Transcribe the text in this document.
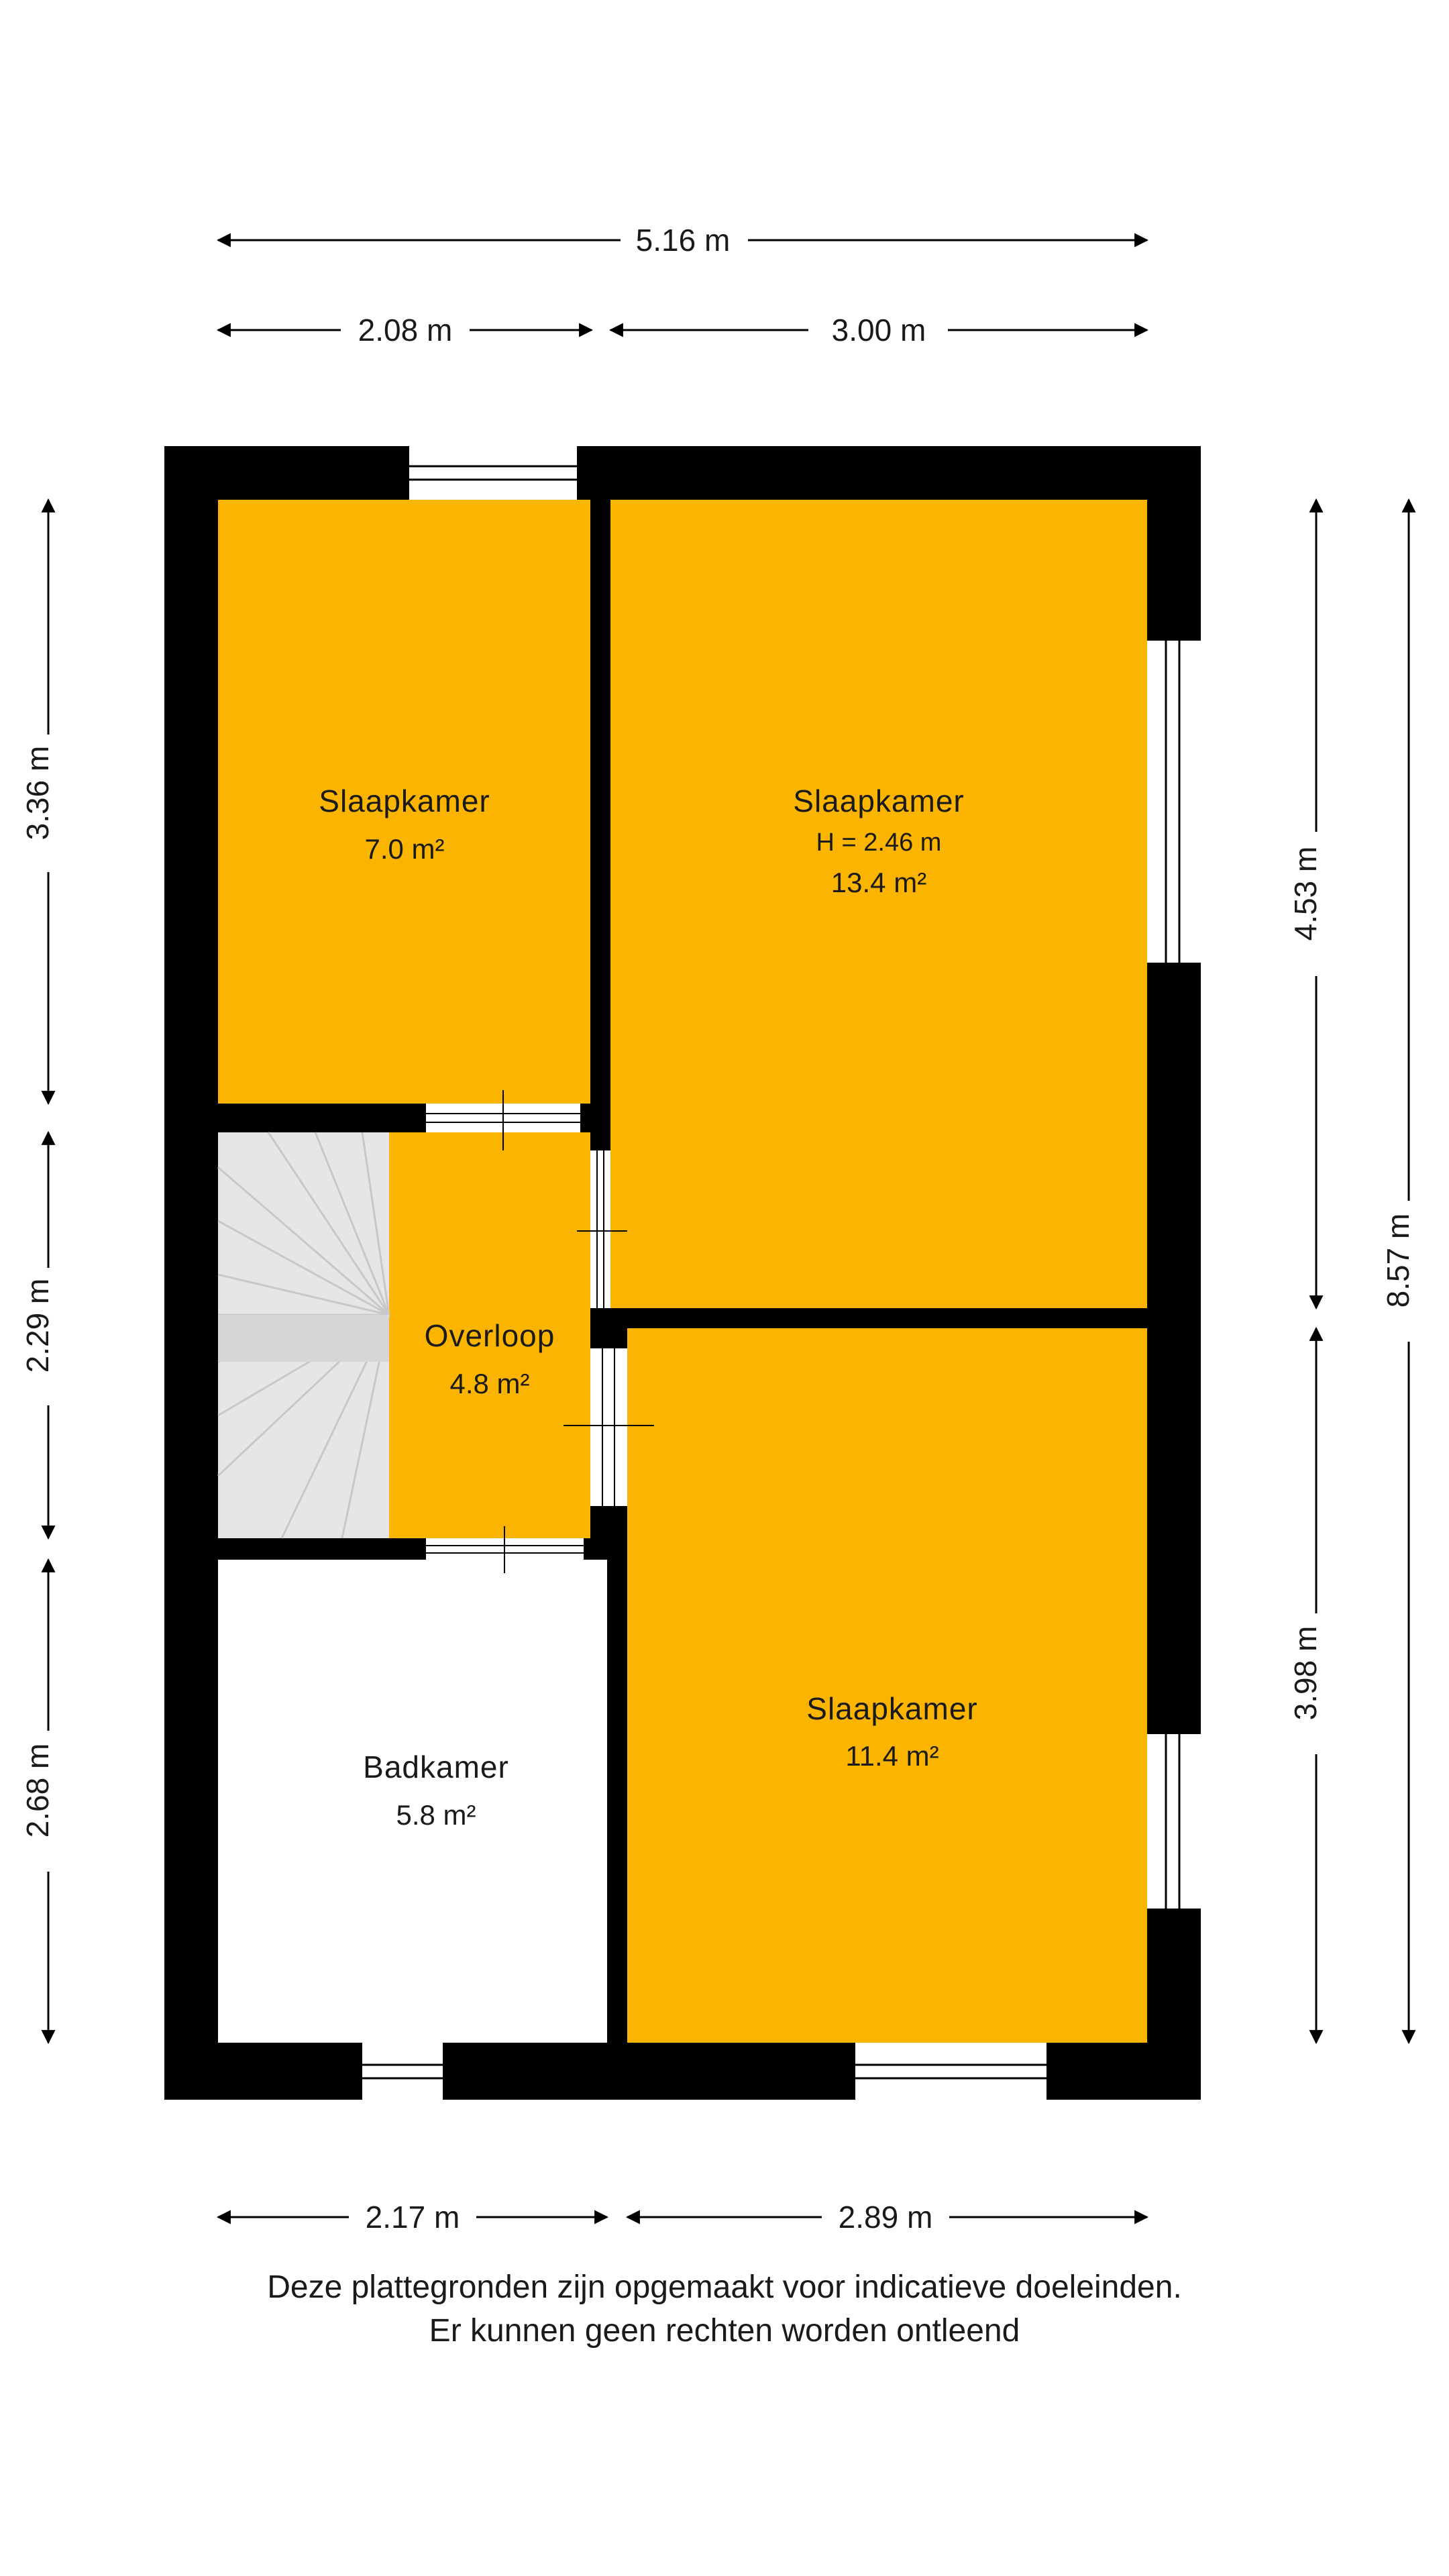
Slaapkamer
7.0 m²
Slaapkamer
H = 2.46 m
13.4 m²
Overloop
4.8 m²
Slaapkamer
11.4 m²
Badkamer
5.8 m²
5.16 m
2.08 m	3.00 m
2.17 m	2.89 m
3.36 m
2.29 m
2.68 m
4.53 m
3.98 m
8.57 m
Deze plattegronden zijn opgemaakt voor indicatieve doeleinden.
Er kunnen geen rechten worden ontleend
